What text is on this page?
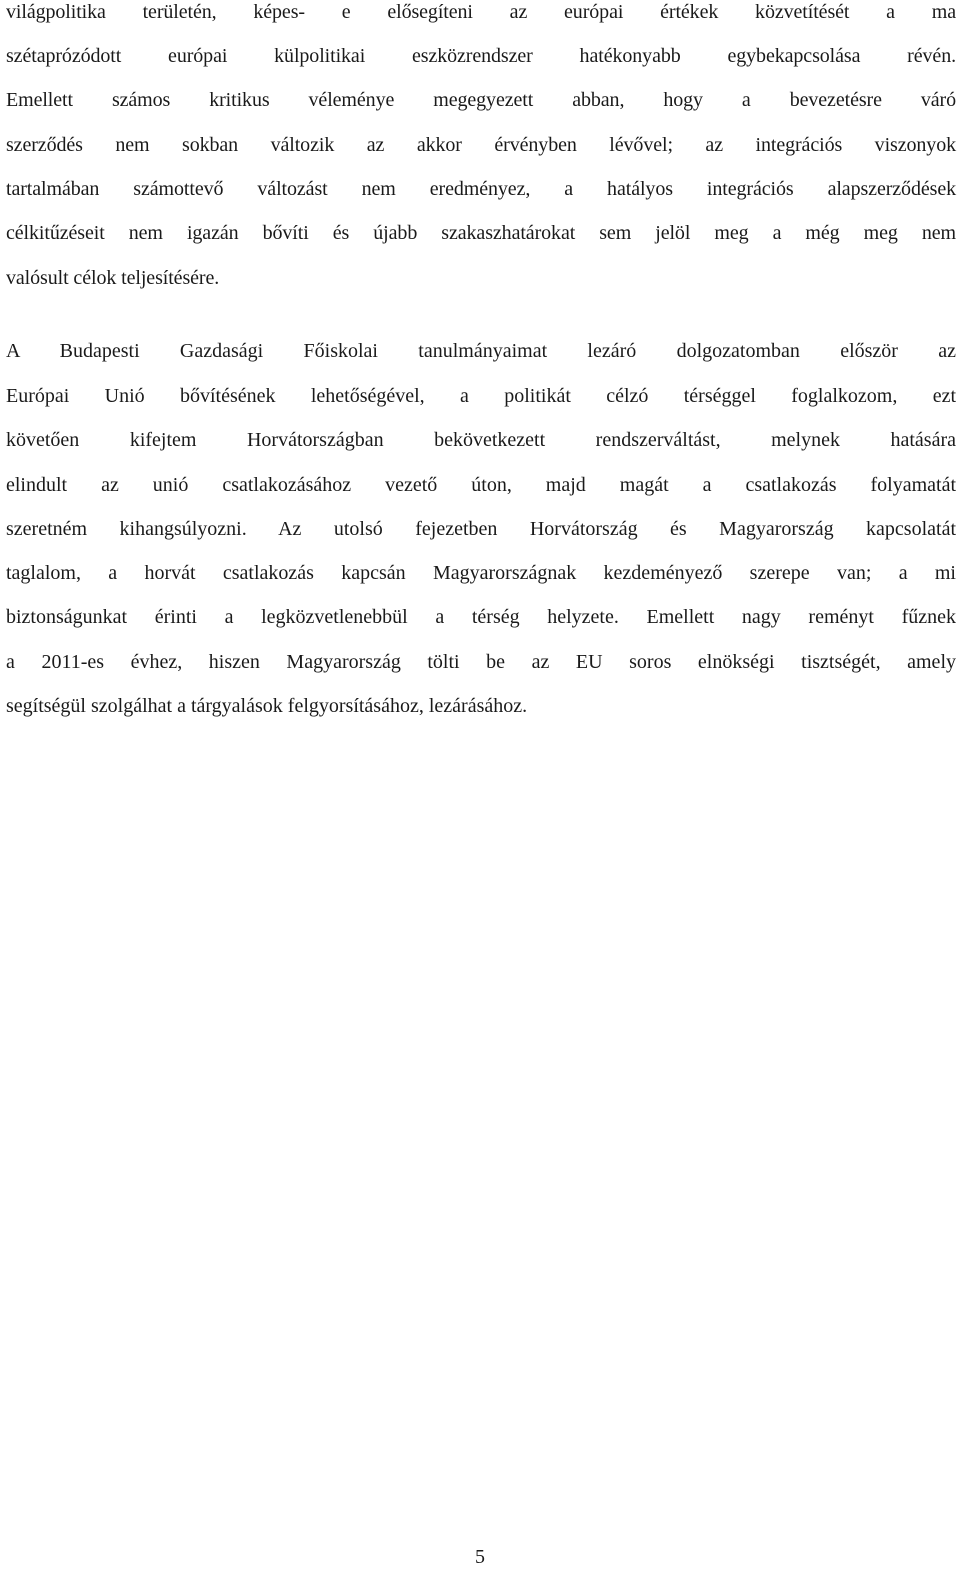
világpolitika területén, képes- e elősegíteni az európai értékek közvetítését a ma
szétaprózódott európai külpolitikai eszközrendszer hatékonyabb egybekapcsolása révén.
Emellett számos kritikus véleménye megegyezett abban, hogy a bevezetésre váró
szerződés nem sokban változik az akkor érvényben lévővel; az integrációs viszonyok
tartalmában számottevő változást nem eredményez, a hatályos integrációs alapszerződések
célkitűzéseit nem igazán bővíti és újabb szakaszhatárokat sem jelöl meg a még meg nem
valósult célok teljesítésére.
A Budapesti Gazdasági Főiskolai tanulmányaimat lezáró dolgozatomban először az
Európai Unió bővítésének lehetőségével, a politikát célzó térséggel foglalkozom, ezt
követően kifejtem Horvátországban bekövetkezett rendszerváltást, melynek hatására
elindult az unió csatlakozásához vezető úton, majd magát a csatlakozás folyamatát
szeretném kihangsúlyozni. Az utolsó fejezetben Horvátország és Magyarország kapcsolatát
taglalom, a horvát csatlakozás kapcsán Magyarországnak kezdeményező szerepe van; a mi
biztonságunkat érinti a legközvetlenebbül a térség helyzete. Emellett nagy reményt fűznek
a 2011-es évhez, hiszen Magyarország tölti be az EU soros elnökségi tisztségét, amely
segítségül szolgálhat a tárgyalások felgyorsításához, lezárásához.
5
